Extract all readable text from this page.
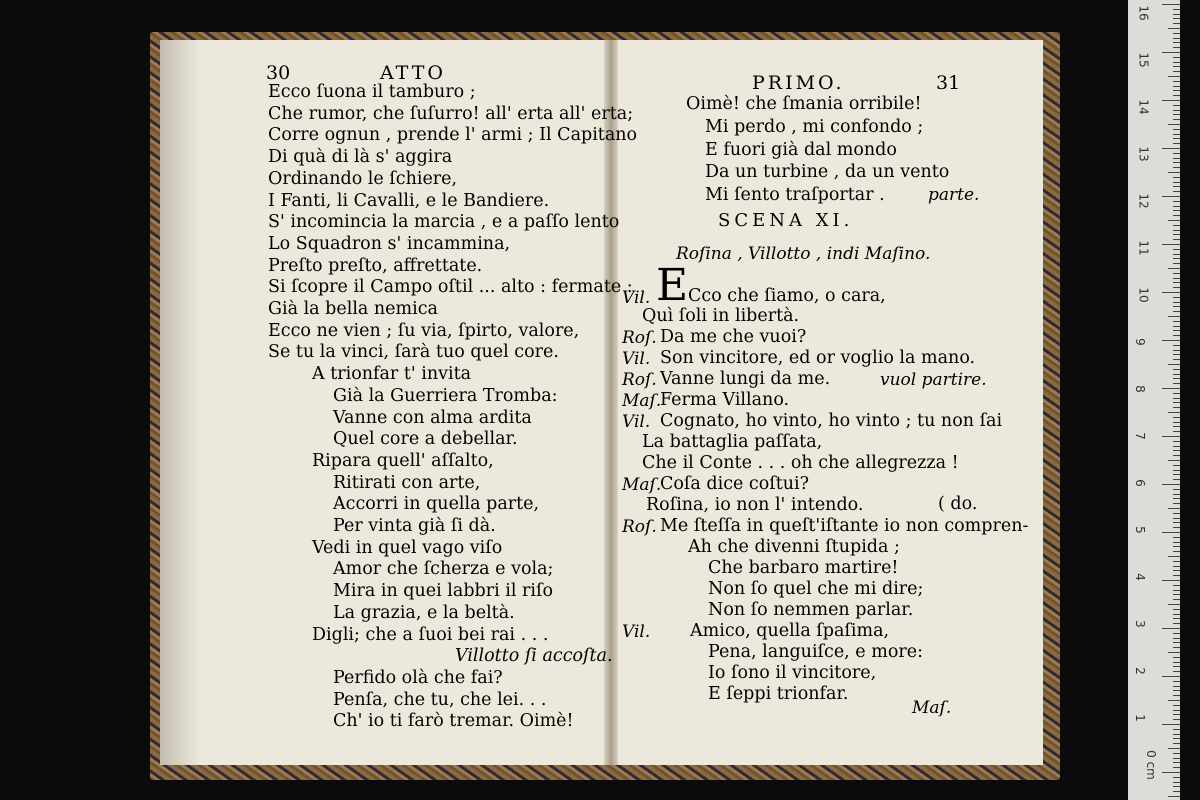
30	ATTO
Ecco ſuona il tamburo ;
Che rumor, che ſuſurro! all' erta all' erta;
Corre ognun , prende l' armi ; Il Capitano
Di quà di là s' aggira
Ordinando le ſchiere,
I Fanti, li Cavalli, e le Bandiere.
S' incomincia la marcia , e a paſſo lento
Lo Squadron s' incammina,
Preſto preſto, affrettate.
Si ſcopre il Campo oſtil ... alto : fermate :
Già la bella nemica
Ecco ne vien ; ſu via, ſpirto, valore,
Se tu la vinci, ſarà tuo quel core.
A trionfar t' invita
Già la Guerriera Tromba:
Vanne con alma ardita
Quel core a debellar.
Ripara quell' aſſalto,
Ritirati con arte,
Accorri in quella parte,
Per vinta già ſi dà.
Vedi in quel vago viſo
Amor che ſcherza e vola;
Mira in quei labbri il riſo
La grazia, e la beltà.
Digli; che a ſuoi bei rai . . .
Villotto ſi accoſta.
Perfido olà che fai?
Penſa, che tu, che lei. . .
Ch' io ti farò tremar. Oimè!
PRIMO.	31
Oimè! che ſmania orribile!
Mi perdo , mi confondo ;
E fuori già dal mondo
Da un turbine , da un vento
Mi ſento traſportar .	parte.
SCENA XI.
Roſina , Villotto , indi Maſino.
Vil. E Cco che ſiamo, o cara,
Quì ſoli in libertà.
Roſ. Da me che vuoi?
Vil. Son vincitore, ed or voglio la mano.
Roſ. Vanne lungi da me.
Maſ.
Ferma Villano.
Vil. Cognato, ho vinto, ho vinto ; tu non ſai
La battaglia paſſata,
Che il Conte . . . oh che allegrezza !
Maſ.
Coſa dice coſtui?
Roſina, io non l' intendo.
Roſ. Me ſteſſa in queſt'iſtante io non compren-
Ah che divenni ſtupida ;
Che barbaro martire!
Non ſo quel che mi dire;
Non ſo nemmen parlar.
Vil. Amico, quella ſpaſima,
Pena, languiſce, e more:
Io ſono il vincitore,
E ſeppi trionfar.
vuol partire.
( do.
Maſ.
16
15
14
13
12
11
10
9
8
7
6
5
4
3
2
1
0 cm
